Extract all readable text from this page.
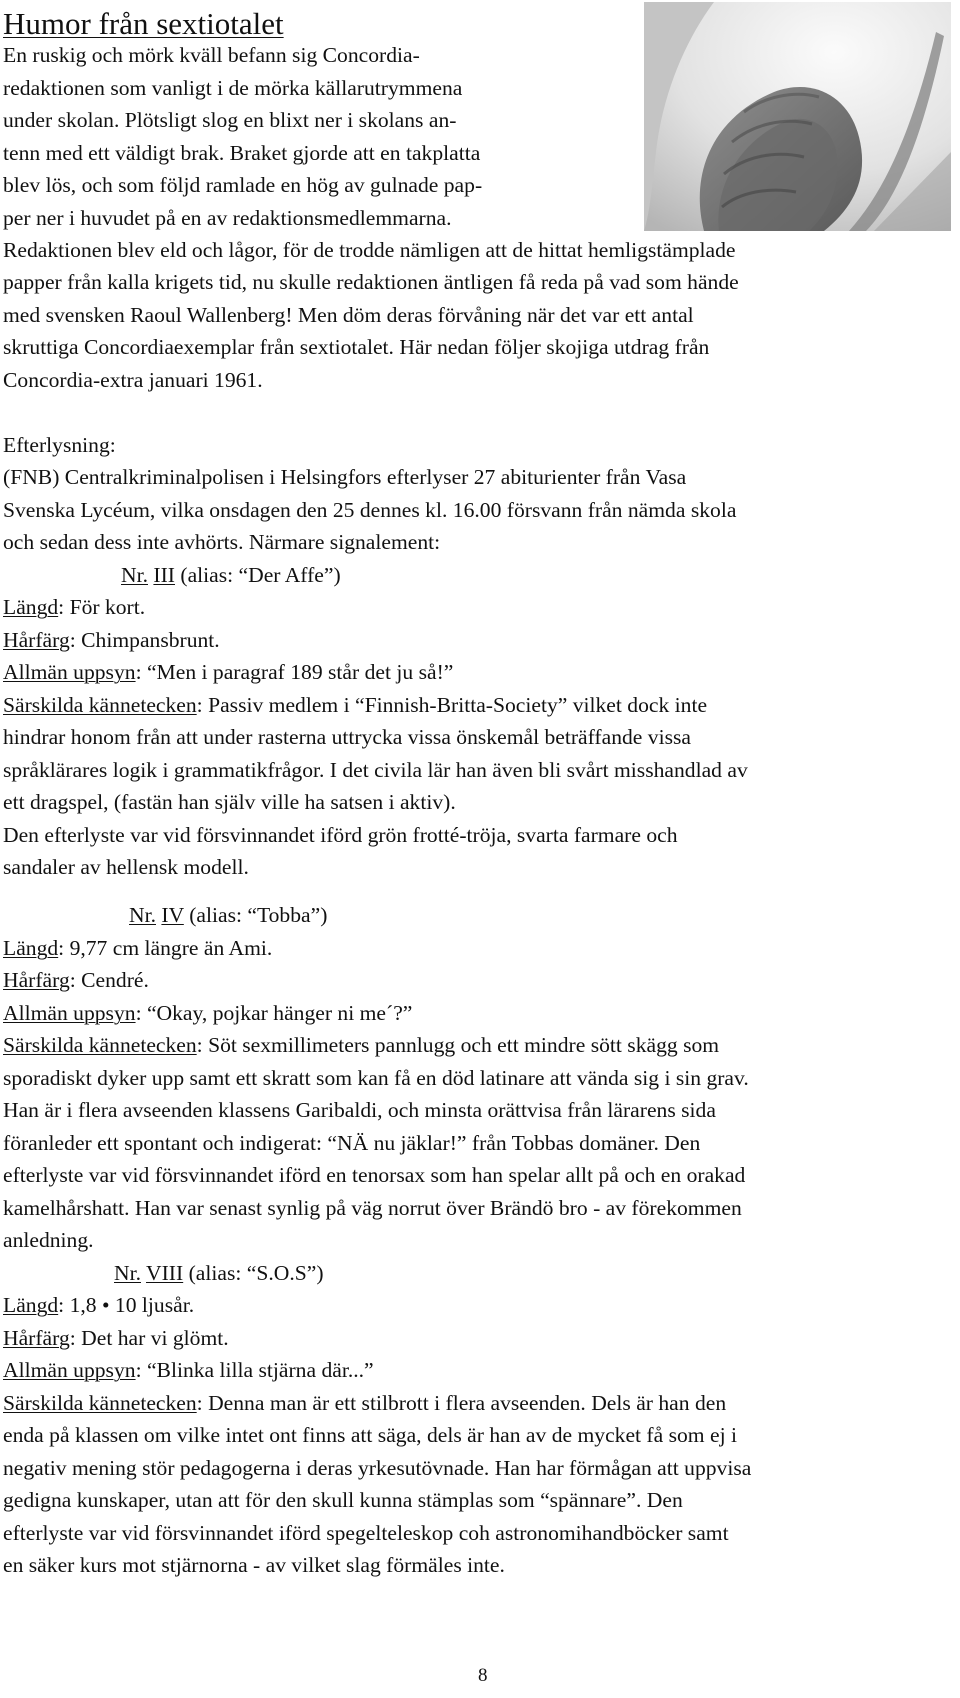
Humor från sextiotalet
En ruskig och mörk kväll befann sig Concordia-
redaktionen som vanligt i de mörka källarutrymmena
under skolan. Plötsligt slog en blixt ner i skolans an-
tenn med ett väldigt brak. Braket gjorde att en takplatta
blev lös, och som följd ramlade en hög av gulnade pap-
per ner i huvudet på en av redaktionsmedlemmarna.
Redaktionen blev eld och lågor, för de trodde nämligen att de hittat hemligstämplade
papper från kalla krigets tid, nu skulle redaktionen äntligen få reda på vad som hände
med svensken Raoul Wallenberg! Men döm deras förvåning när det var ett antal
skruttiga Concordiaexemplar från sextiotalet. Här nedan följer skojiga utdrag från
Concordia-extra januari 1961.
Efterlysning:
(FNB) Centralkriminalpolisen i Helsingfors efterlyser 27 abiturienter från Vasa
Svenska Lycéum, vilka onsdagen den 25 dennes kl. 16.00 försvann från nämda skola
och sedan dess inte avhörts. Närmare signalement:
Nr. III (alias: “Der Affe”)
Längd: För kort.
Hårfärg: Chimpansbrunt.
Allmän uppsyn: “Men i paragraf 189 står det ju så!”
Särskilda kännetecken: Passiv medlem i “Finnish-Britta-Society” vilket dock inte
hindrar honom från att under rasterna uttrycka vissa önskemål beträffande vissa
språklärares logik i grammatikfrågor. I det civila lär han även bli svårt misshandlad av
ett dragspel, (fastän han själv ville ha satsen i aktiv).
Den efterlyste var vid försvinnandet iförd grön frotté-tröja, svarta farmare och
sandaler av hellensk modell.
Nr. IV (alias: “Tobba”)
Längd: 9,77 cm längre än Ami.
Hårfärg: Cendré.
Allmän uppsyn: “Okay, pojkar hänger ni me´?”
Särskilda kännetecken: Söt sexmillimeters pannlugg och ett mindre sött skägg som
sporadiskt dyker upp samt ett skratt som kan få en död latinare att vända sig i sin grav.
Han är i flera avseenden klassens Garibaldi, och minsta orättvisa från lärarens sida
föranleder ett spontant och indigerat: “NÄ nu jäklar!” från Tobbas domäner. Den
efterlyste var vid försvinnandet iförd en tenorsax som han spelar allt på och en orakad
kamelhårshatt. Han var senast synlig på väg norrut över Brändö bro - av förekommen
anledning.
Nr. VIII (alias: “S.O.S”)
Längd: 1,8 • 10 ljusår.
Hårfärg: Det har vi glömt.
Allmän uppsyn: “Blinka lilla stjärna där...”
Särskilda kännetecken: Denna man är ett stilbrott i flera avseenden. Dels är han den
enda på klassen om vilke intet ont finns att säga, dels är han av de mycket få som ej i
negativ mening stör pedagogerna i deras yrkesutövnade. Han har förmågan att uppvisa
gedigna kunskaper, utan att för den skull kunna stämplas som “spännare”. Den
efterlyste var vid försvinnandet iförd spegelteleskop coh astronomihandböcker samt
en säker kurs mot stjärnorna - av vilket slag förmäles inte.
8
